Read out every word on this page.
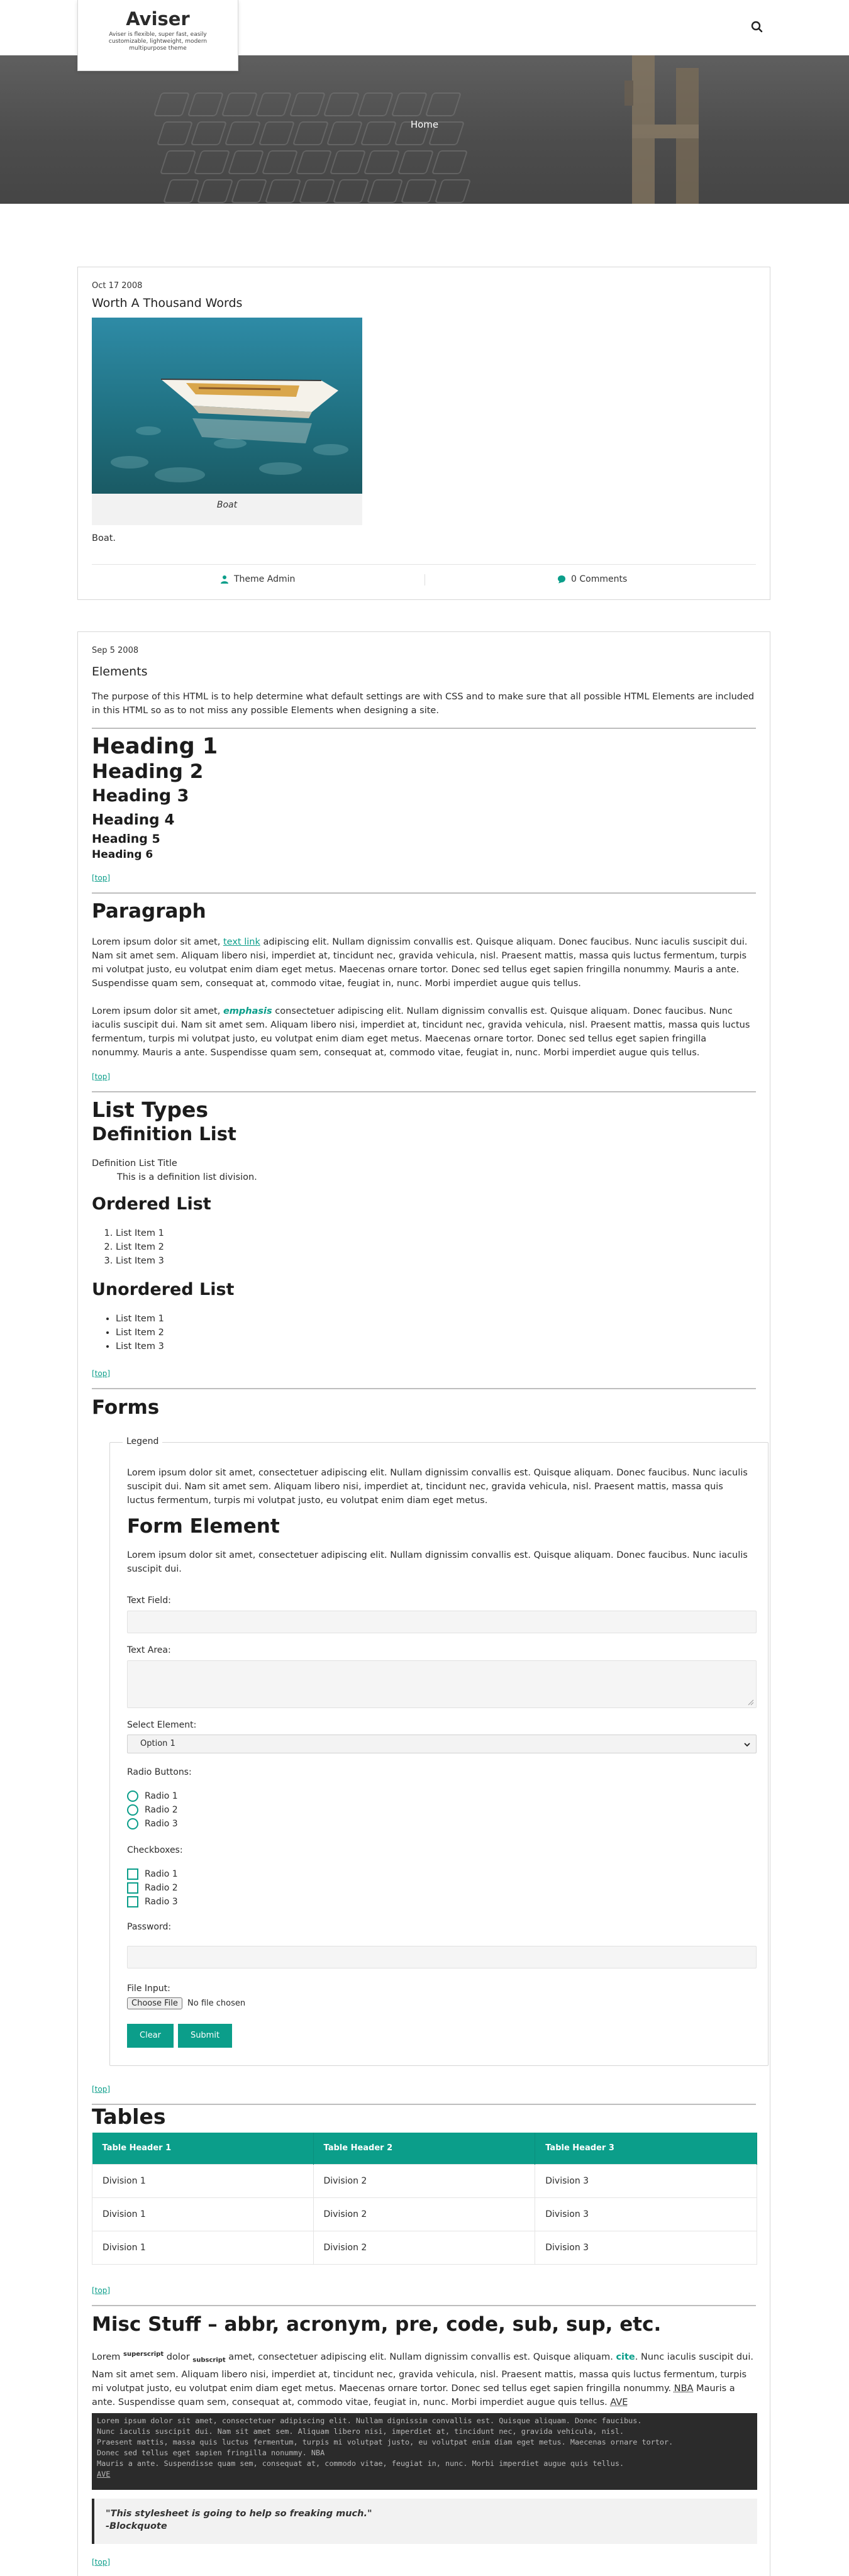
Aviser
Aviser is flexible, super fast, easily customizable, lightweight, modern multipurpose theme
Home
Oct 17 2008
Worth A Thousand Words
Boat

Boat.

Theme Admin	0 Comments
Sep 5 2008
Elements

The purpose of this HTML is to help determine what default settings are with CSS and to make sure that all possible HTML Elements are included in this HTML so as to not miss any possible Elements when designing a site.

Heading 1
Heading 2
Heading 3
Heading 4
Heading 5
Heading 6
[top]
Paragraph

Lorem ipsum dolor sit amet, text link adipiscing elit. Nullam dignissim convallis est. Quisque aliquam. Donec faucibus. Nunc iaculis suscipit dui. Nam sit amet sem. Aliquam libero nisi, imperdiet at, tincidunt nec, gravida vehicula, nisl. Praesent mattis, massa quis luctus fermentum, turpis mi volutpat justo, eu volutpat enim diam eget metus. Maecenas ornare tortor. Donec sed tellus eget sapien fringilla nonummy. Mauris a ante. Suspendisse quam sem, consequat at, commodo vitae, feugiat in, nunc. Morbi imperdiet augue quis tellus.

Lorem ipsum dolor sit amet, emphasis consectetuer adipiscing elit. Nullam dignissim convallis est. Quisque aliquam. Donec faucibus. Nunc iaculis suscipit dui. Nam sit amet sem. Aliquam libero nisi, imperdiet at, tincidunt nec, gravida vehicula, nisl. Praesent mattis, massa quis luctus fermentum, turpis mi volutpat justo, eu volutpat enim diam eget metus. Maecenas ornare tortor. Donec sed tellus eget sapien fringilla nonummy. Mauris a ante. Suspendisse quam sem, consequat at, commodo vitae, feugiat in, nunc. Morbi imperdiet augue quis tellus.

[top]
List Types
Definition List
Definition List Title
This is a definition list division.
Ordered List
1. List Item 1
2. List Item 2
3. List Item 3
Unordered List
• List Item 1
• List Item 2
• List Item 3
[top]
Forms
Legend

Lorem ipsum dolor sit amet, consectetuer adipiscing elit. Nullam dignissim convallis est. Quisque aliquam. Donec faucibus. Nunc iaculis suscipit dui. Nam sit amet sem. Aliquam libero nisi, imperdiet at, tincidunt nec, gravida vehicula, nisl. Praesent mattis, massa quis luctus fermentum, turpis mi volutpat justo, eu volutpat enim diam eget metus.

Form Element

Lorem ipsum dolor sit amet, consectetuer adipiscing elit. Nullam dignissim convallis est. Quisque aliquam. Donec faucibus. Nunc iaculis suscipit dui.

Text Field:
Text Area:
Select Element:
Option 1
Radio Buttons:
Radio 1
Radio 2
Radio 3
Checkboxes:
Radio 1
Radio 2
Radio 3
Password:
File Input:
Choose File No file chosen
Clear	Submit
[top]
Tables
Table Header 1	Table Header 2	Table Header 3
Division 1	Division 2	Division 3
Division 1	Division 2	Division 3
Division 1	Division 2	Division 3
[top]
Misc Stuff – abbr, acronym, pre, code, sub, sup, etc.

Lorem $^{superscript}$ dolor $_{subscript}$ amet, consectetuer adipiscing elit. Nullam dignissim convallis est. Quisque aliquam. cite. Nunc iaculis suscipit dui. Nam sit amet sem. Aliquam libero nisi, imperdiet at, tincidunt nec, gravida vehicula, nisl. Praesent mattis, massa quis luctus fermentum, turpis mi volutpat justo, eu volutpat enim diam eget metus. Maecenas ornare tortor. Donec sed tellus eget sapien fringilla nonummy. NBA Mauris a ante. Suspendisse quam sem, consequat at, commodo vitae, feugiat in, nunc. Morbi imperdiet augue quis tellus. AVE

Lorem ipsum dolor sit amet, consectetuer adipiscing elit. Nullam dignissim convallis est. Quisque aliquam. Donec faucibus.
Nunc iaculis suscipit dui. Nam sit amet sem. Aliquam libero nisi, imperdiet at, tincidunt nec, gravida vehicula, nisl.
Praesent mattis, massa quis luctus fermentum, turpis mi volutpat justo, eu volutpat enim diam eget metus. Maecenas ornare tortor.
Donec sed tellus eget sapien fringilla nonummy. NBA
Mauris a ante. Suspendisse quam sem, consequat at, commodo vitae, feugiat in, nunc. Morbi imperdiet augue quis tellus.
AVE
"This stylesheet is going to help so freaking much."
-Blockquote
[top]
